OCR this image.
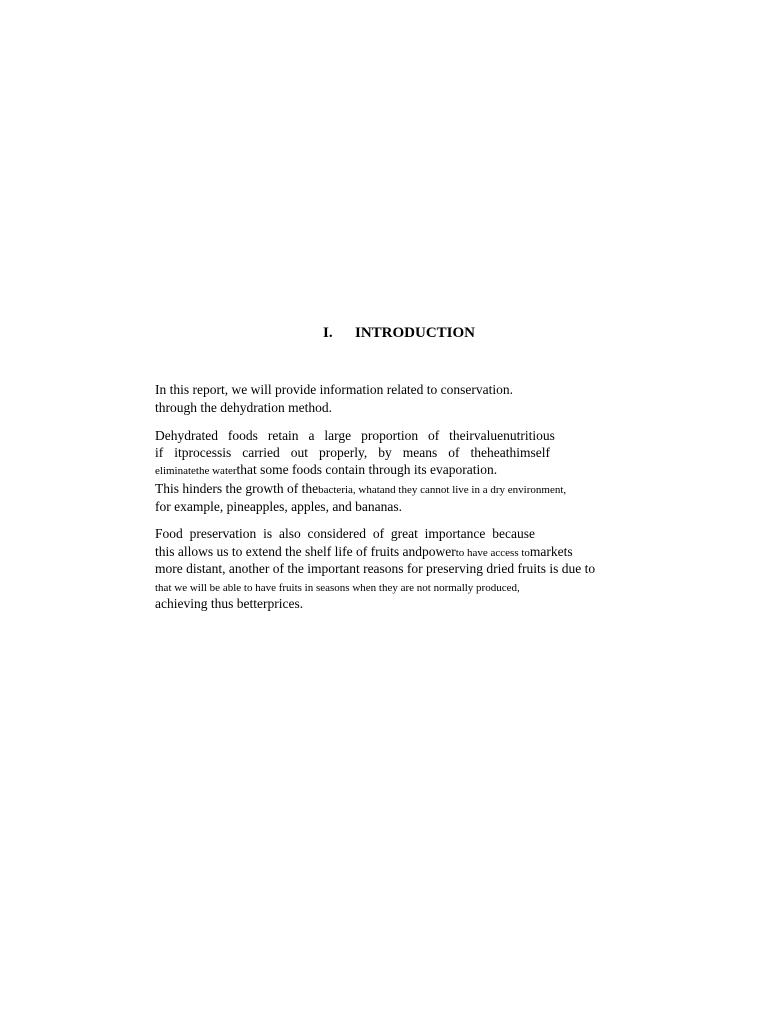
I. INTRODUCTION
In this report, we will provide information related to conservation.
through the dehydration method.
Dehydrated foods retain a large proportion of theirvaluenutritious
if itprocessis carried out properly, by means of theheathimself
eliminatethe waterthat some foods contain through its evaporation.
This hinders the growth of thebacteria, whatand they cannot live in a dry environment,
for example, pineapples, apples, and bananas.
Food preservation is also considered of great importance because
this allows us to extend the shelf life of fruits andpowerto have access tomarkets
more distant, another of the important reasons for preserving dried fruits is due to
that we will be able to have fruits in seasons when they are not normally produced,
achieving thus betterprices.
